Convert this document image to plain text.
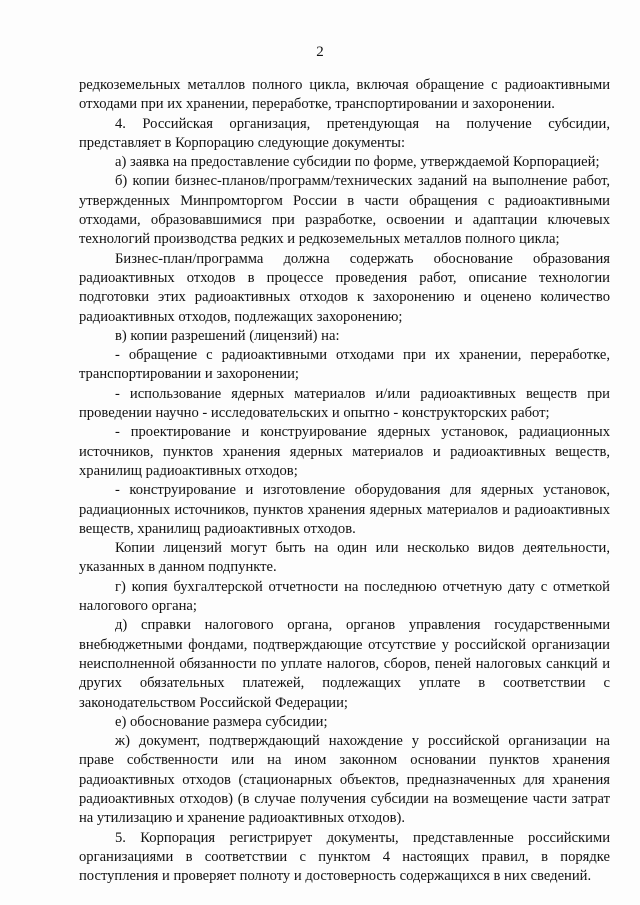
2

редкоземельных металлов полного цикла, включая обращение с радиоактивными отходами при их хранении, переработке, транспортировании и захоронении.

4. Российская организация, претендующая на получение субсидии, представляет в Корпорацию следующие документы:

а) заявка на предоставление субсидии по форме, утверждаемой Корпорацией;

б) копии бизнес-планов/программ/технических заданий на выполнение работ, утвержденных Минпромторгом России в части обращения с радиоактивными отходами, образовавшимися при разработке, освоении и адаптации ключевых технологий производства редких и редкоземельных металлов полного цикла;

Бизнес-план/программа должна содержать обоснование образования радиоактивных отходов в процессе проведения работ, описание технологии подготовки этих радиоактивных отходов к захоронению и оценено количество радиоактивных отходов, подлежащих захоронению;

в) копии разрешений (лицензий) на:

- обращение с радиоактивными отходами при их хранении, переработке, транспортировании и захоронении;

- использование ядерных материалов и/или радиоактивных веществ при проведении научно - исследовательских и опытно - конструкторских работ;

- проектирование и конструирование ядерных установок, радиационных источников, пунктов хранения ядерных материалов и радиоактивных веществ, хранилищ радиоактивных отходов;

- конструирование и изготовление оборудования для ядерных установок, радиационных источников, пунктов хранения ядерных материалов и радиоактивных веществ, хранилищ радиоактивных отходов.

Копии лицензий могут быть на один или несколько видов деятельности, указанных в данном подпункте.

г) копия бухгалтерской отчетности на последнюю отчетную дату с отметкой налогового органа;

д) справки налогового органа, органов управления государственными внебюджетными фондами, подтверждающие отсутствие у российской организации неисполненной обязанности по уплате налогов, сборов, пеней налоговых санкций и других обязательных платежей, подлежащих уплате в соответствии с законодательством Российской Федерации;

е) обоснование размера субсидии;

ж) документ, подтверждающий нахождение у российской организации на праве собственности или на ином законном основании пунктов хранения радиоактивных отходов (стационарных объектов, предназначенных для хранения радиоактивных отходов) (в случае получения субсидии на возмещение части затрат на утилизацию и хранение радиоактивных отходов).

5. Корпорация регистрирует документы, представленные российскими организациями в соответствии с пунктом 4 настоящих правил, в порядке поступления и проверяет полноту и достоверность содержащихся в них сведений.
